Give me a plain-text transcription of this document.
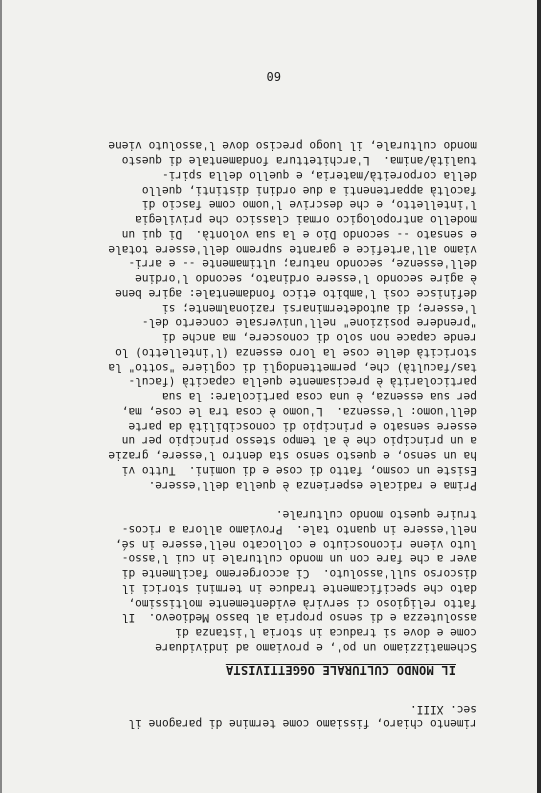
rimento chiaro, fissiamo come termine di paragone il
sec. XIII.
IL MONDO CULTURALE OGGETTIVISTA
Schematizziamo un po', e proviamo ad individuare
come e dove si traduca in storia l'istanza di
assolutezza e di senso propria al basso Medioevo.  Il
fatto religioso ci servirà evidentemente moltissimo,
dato che specificamente traduce in termini storici il
discorso sull'assoluto.  Ci accorgeremo facilmente di
aver a che fare con un mondo culturale in cui l'asso-
luto viene riconosciuto e collocato nell'essere in sé,
nell'essere in quanto tale.  Proviamo allora a ricos-
truire questo mondo culturale.
Prima e radicale esperienza è quella dell'essere.
Esiste un cosmo, fatto di cose e di uomini.  Tutto vi
ha un senso, e questo senso sta dentro l'essere, grazie
a un principio che è al tempo stesso principio per un
essere sensato e principio di conoscibilità da parte
dell'uomo: l'essenza.  L'uomo è cosa tra le cose, ma,
per sua essenza, è una cosa particolare: la sua
particolarità è precisamente quella capacità (facul-
tas/facultà) che, permettendogli di cogliere "sotto" la
storicità delle cose la loro essenza (l'intelletto) lo
rende capace non solo di conoscere, ma anche di
"prendere posizione" nell'universale concerto del-
l'essere; di autodeterminarsi razionalmente; si
definisce così l'ambito etico fondamentale: agire bene
è agire secondo l'essere ordinato, secondo l'ordine
dell'essenze, secondo natura; ultimamente -- e arri-
viamo all'artefice e garante supremo dell'essere totale
e sensato -- secondo Dio e la sua volontà.  Di qui un
modello antropologico ormai classico che privilegia
l'intelletto, e che descrive l'uomo come fascio di
facoltà appartenenti a due ordini distinti, quello
della corporeità/materia, e quello della spiri-
tualità/anima.  L'architettura fondamentale di questo
mondo culturale, il luogo preciso dove l'assoluto viene
60
